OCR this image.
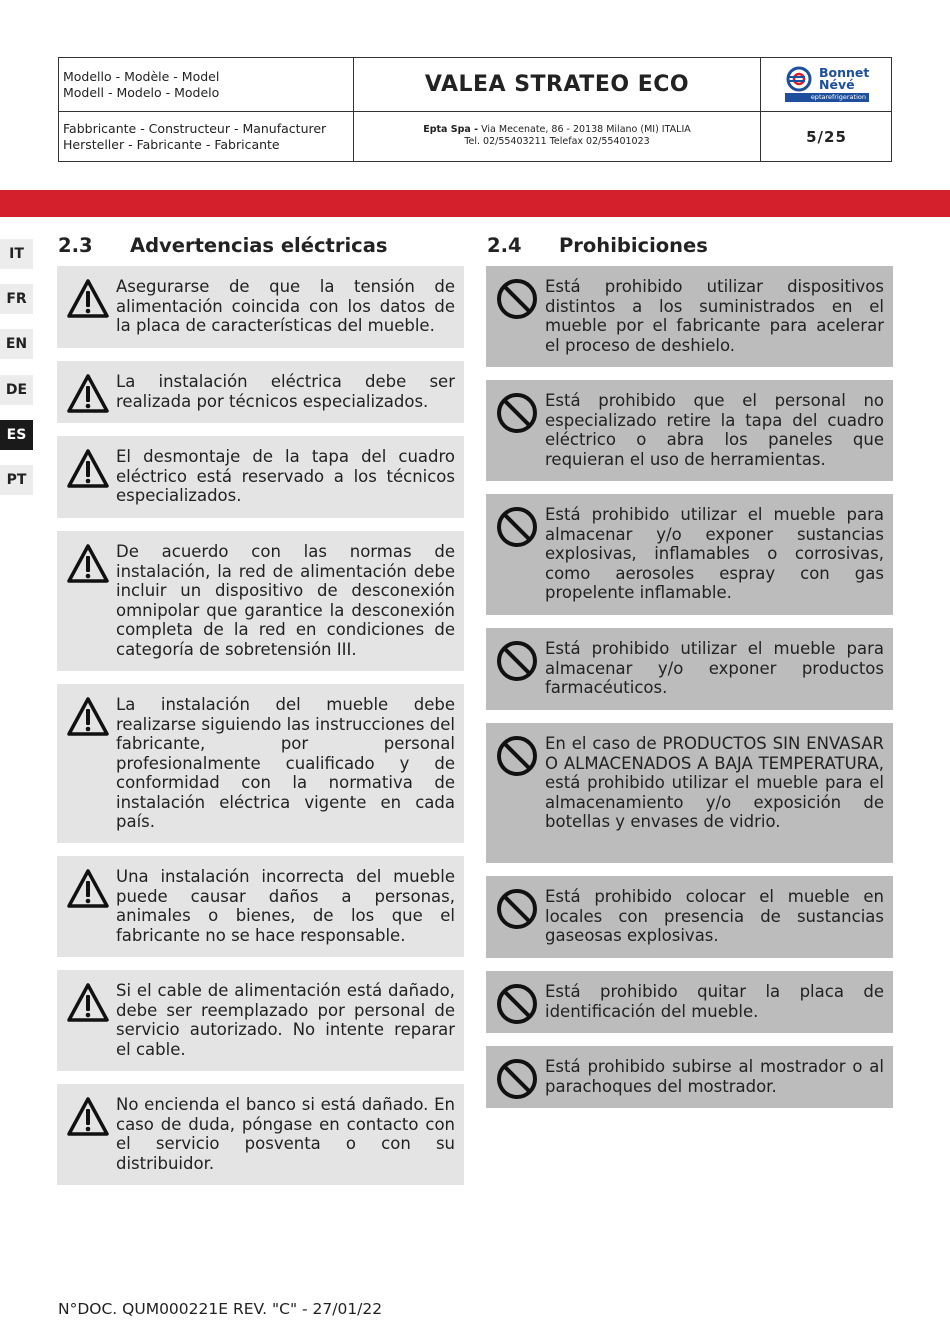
Modello - Modèle - Model
Modell - Modelo - Modelo	VALEA STRATEO ECO	Bonnet
Névé
eptarefrigeration
Fabbricante - Constructeur - Manufacturer
Hersteller - Fabricante - Fabricante
Epta Spa - Via Mecenate, 86 - 20138 Milano (MI) ITALIA
Tel. 02/55403211 Telefax 02/55401023	5/25
IT
FR
EN
DE
ES
PT
2.3 Advertencias eléctricas	2.4 Prohibiciones
Asegurarse de que la tensión de alimentación coincida con los datos de la placa de características del mueble.
La instalación eléctrica debe ser realizada por técnicos especializados.
El desmontaje de la tapa del cuadro eléctrico está reservado a los técnicos especializados.
De acuerdo con las normas de instalación, la red de alimentación debe incluir un dispositivo de desconexión omnipolar que garantice la desconexión completa de la red en condiciones de categoría de sobretensión III.
La instalación del mueble debe realizarse siguiendo las instrucciones del fabricante, por personal profesionalmente cualificado y de conformidad con la normativa de instalación eléctrica vigente en cada país.
Una instalación incorrecta del mueble puede causar daños a personas, animales o bienes, de los que el fabricante no se hace responsable.
Si el cable de alimentación está dañado, debe ser reemplazado por personal de servicio autorizado. No intente reparar el cable.
No encienda el banco si está dañado. En caso de duda, póngase en contacto con el servicio posventa o con su distribuidor.
Está prohibido utilizar dispositivos distintos a los suministrados en el mueble por el fabricante para acelerar el proceso de deshielo.
Está prohibido que el personal no especializado retire la tapa del cuadro eléctrico o abra los paneles que requieran el uso de herramientas.
Está prohibido utilizar el mueble para almacenar y/o exponer sustancias explosivas, inflamables o corrosivas, como aerosoles espray con gas propelente inflamable.
Está prohibido utilizar el mueble para almacenar y/o exponer productos farmacéuticos.
En el caso de PRODUCTOS SIN ENVASAR O ALMACENADOS A BAJA TEMPERATURA, está prohibido utilizar el mueble para el almacenamiento y/o exposición de botellas y envases de vidrio.
Está prohibido colocar el mueble en locales con presencia de sustancias gaseosas explosivas.
Está prohibido quitar la placa de identificación del mueble.
Está prohibido subirse al mostrador o al parachoques del mostrador.
N°DOC. QUM000221E REV. "C" - 27/01/22
